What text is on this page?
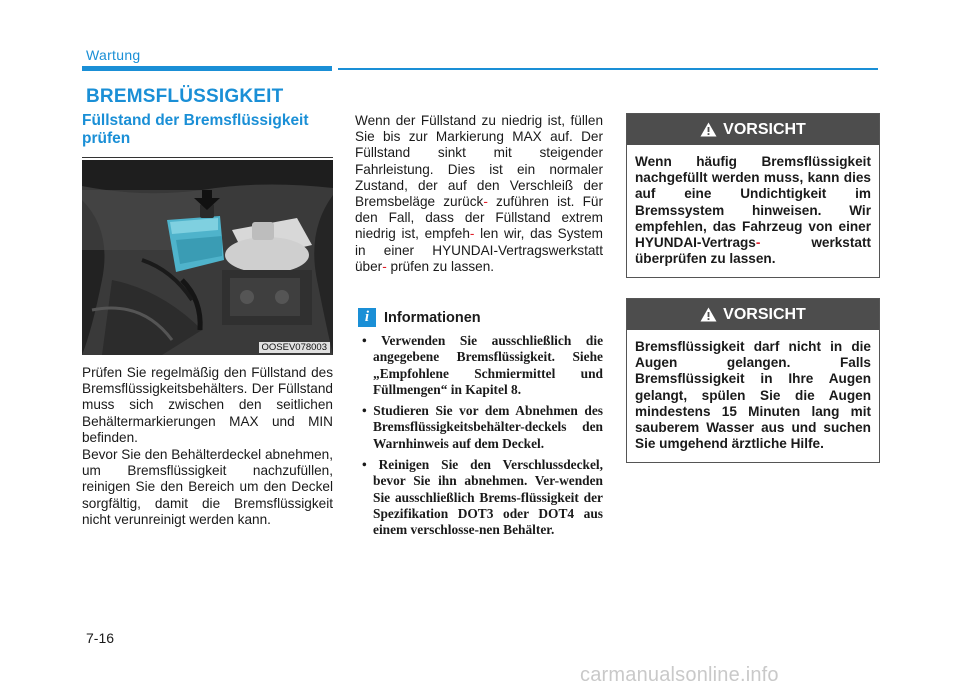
Wartung
BREMSFLÜSSIGKEIT
Füllstand der Bremsflüssigkeit
prüfen
OOSEV078003

Prüfen Sie regelmäßig den Füllstand des Bremsflüssigkeitsbehälters. Der Füllstand muss sich zwischen den seitlichen Behältermarkierungen MAX und MIN befinden.

Bevor Sie den Behälterdeckel abnehmen, um Bremsflüssigkeit nachzufüllen, reinigen Sie den Bereich um den Deckel sorgfältig, damit die Bremsflüssigkeit nicht verunreinigt werden kann.

Wenn der Füllstand zu niedrig ist, füllen Sie bis zur Markierung MAX auf. Der Füllstand sinkt mit steigender Fahrleistung. Dies ist ein normaler Zustand, der auf den Verschleiß der Bremsbeläge zurück- zuführen ist. Für den Fall, dass der Füllstand extrem niedrig ist, empfeh- len wir, das System in einer HYUNDAI-Vertragswerkstatt über- prüfen zu lassen.

i Informationen
• Verwenden Sie ausschließlich die angegebene Bremsflüssigkeit. Siehe „Empfohlene Schmiermittel und Füllmengen“ in Kapitel 8.
• Studieren Sie vor dem Abnehmen des Bremsflüssigkeitsbehälter-deckels den Warnhinweis auf dem Deckel.
• Reinigen Sie den Verschlussdeckel, bevor Sie ihn abnehmen. Ver-wenden Sie ausschließlich Brems-flüssigkeit der Spezifikation DOT3 oder DOT4 aus einem verschlosse-nen Behälter.
VORSICHT
Wenn häufig Bremsflüssigkeit nachgefüllt werden muss, kann dies auf eine Undichtigkeit im Bremssystem hinweisen. Wir empfehlen, das Fahrzeug von einer HYUNDAI-Vertrags-	werkstatt überprüfen zu lassen.
VORSICHT
Bremsflüssigkeit darf nicht in die Augen gelangen. Falls Bremsflüssigkeit in Ihre Augen gelangt, spülen Sie die Augen mindestens 15 Minuten lang mit sauberem Wasser aus und suchen Sie umgehend ärztliche Hilfe.
7-16
carmanualsonline.info
